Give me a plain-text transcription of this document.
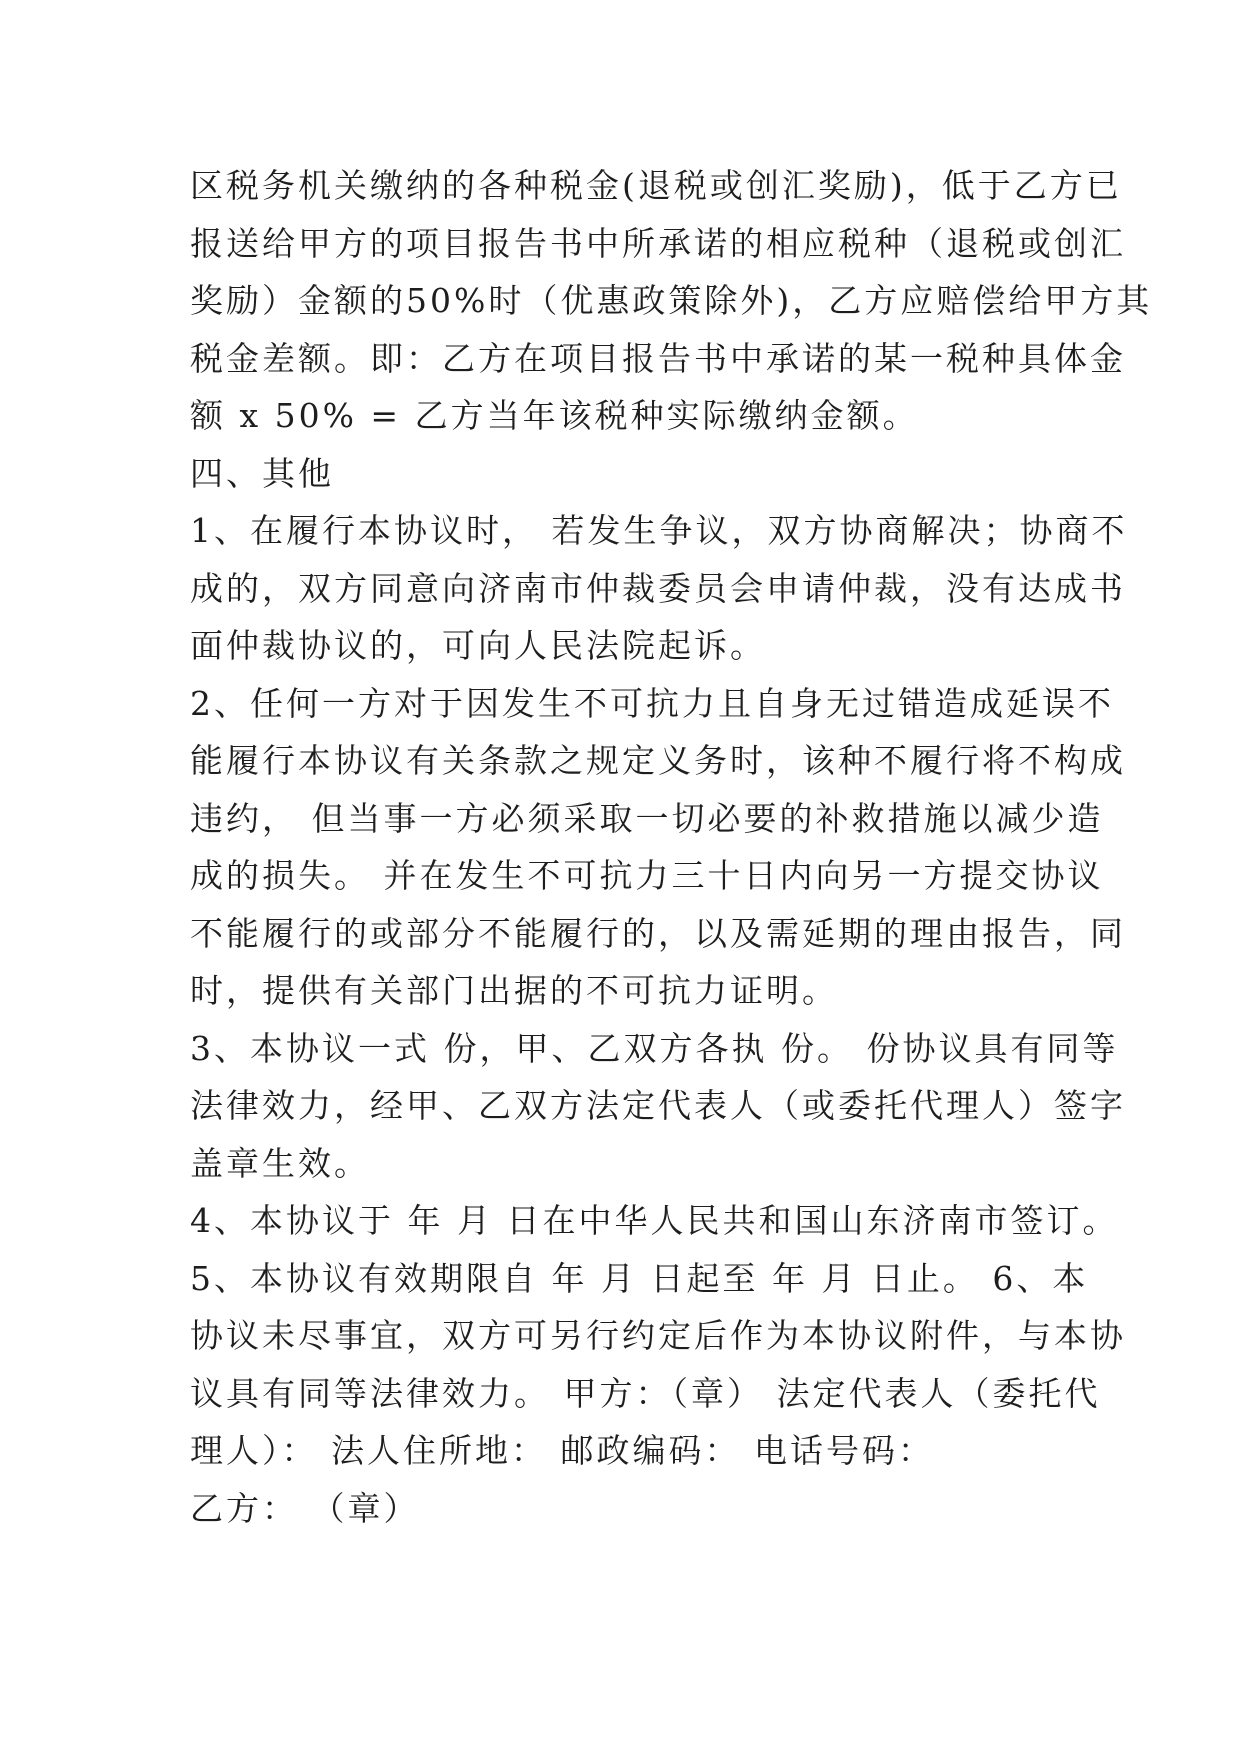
区税务机关缴纳的各种税金(退税或创汇奖励)，低于乙方已
报送给甲方的项目报告书中所承诺的相应税种（退税或创汇
奖励）金额的50%时（优惠政策除外)，乙方应赔偿给甲方其
税金差额。即：乙方在项目报告书中承诺的某一税种具体金
额 x 50% = 乙方当年该税种实际缴纳金额。
四、其他
1、在履行本协议时， 若发生争议，双方协商解决；协商不
成的，双方同意向济南市仲裁委员会申请仲裁，没有达成书
面仲裁协议的，可向人民法院起诉。
2、任何一方对于因发生不可抗力且自身无过错造成延误不
能履行本协议有关条款之规定义务时，该种不履行将不构成
违约， 但当事一方必须采取一切必要的补救措施以减少造
成的损失。 并在发生不可抗力三十日内向另一方提交协议
不能履行的或部分不能履行的，以及需延期的理由报告，同
时，提供有关部门出据的不可抗力证明。
3、本协议一式 份，甲、乙双方各执 份。 份协议具有同等
法律效力，经甲、乙双方法定代表人（或委托代理人）签字
盖章生效。
4、本协议于 年 月 日在中华人民共和国山东济南市签订。
5、本协议有效期限自 年 月 日起至 年 月 日止。 6、本
协议未尽事宜，双方可另行约定后作为本协议附件，与本协
议具有同等法律效力。 甲方：（章） 法定代表人（委托代
理人）： 法人住所地： 邮政编码： 电话号码：
乙方： （章）
